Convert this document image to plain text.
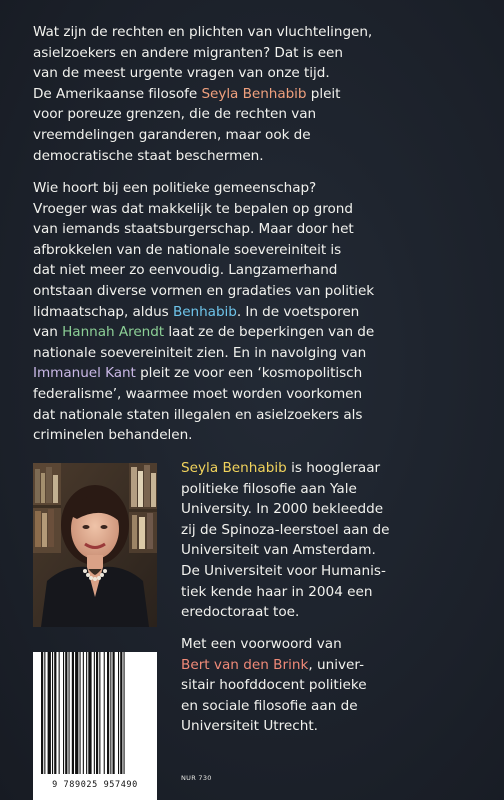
Wat zijn de rechten en plichten van vluchtelingen,
asielzoekers en andere migranten? Dat is een
van de meest urgente vragen van onze tijd.
De Amerikaanse filosofe Seyla Benhabib pleit
voor poreuze grenzen, die de rechten van
vreemdelingen garanderen, maar ook de
democratische staat beschermen.

Wie hoort bij een politieke gemeenschap?
Vroeger was dat makkelijk te bepalen op grond
van iemands staatsburgerschap. Maar door het
afbrokkelen van de nationale soevereiniteit is
dat niet meer zo eenvoudig. Langzamerhand
ontstaan diverse vormen en gradaties van politiek
lidmaatschap, aldus Benhabib. In de voetsporen
van Hannah Arendt laat ze de beperkingen van de
nationale soevereiniteit zien. En in navolging van
Immanuel Kant pleit ze voor een ‘kosmopolitisch
federalisme’, waarmee moet worden voorkomen
dat nationale staten illegalen en asielzoekers als
criminelen behandelen.

Seyla Benhabib is hoogleraar
politieke filosofie aan Yale
University. In 2000 bekleedde
zij de Spinoza-leerstoel aan de
Universiteit van Amsterdam.
De Universiteit voor Humanis-
tiek kende haar in 2004 een
eredoctoraat toe.

Met een voorwoord van
Bert van den Brink, univer-
sitair hoofddocent politieke
en sociale filosofie aan de
Universiteit Utrecht.

9 789025 957490
NUR 730
